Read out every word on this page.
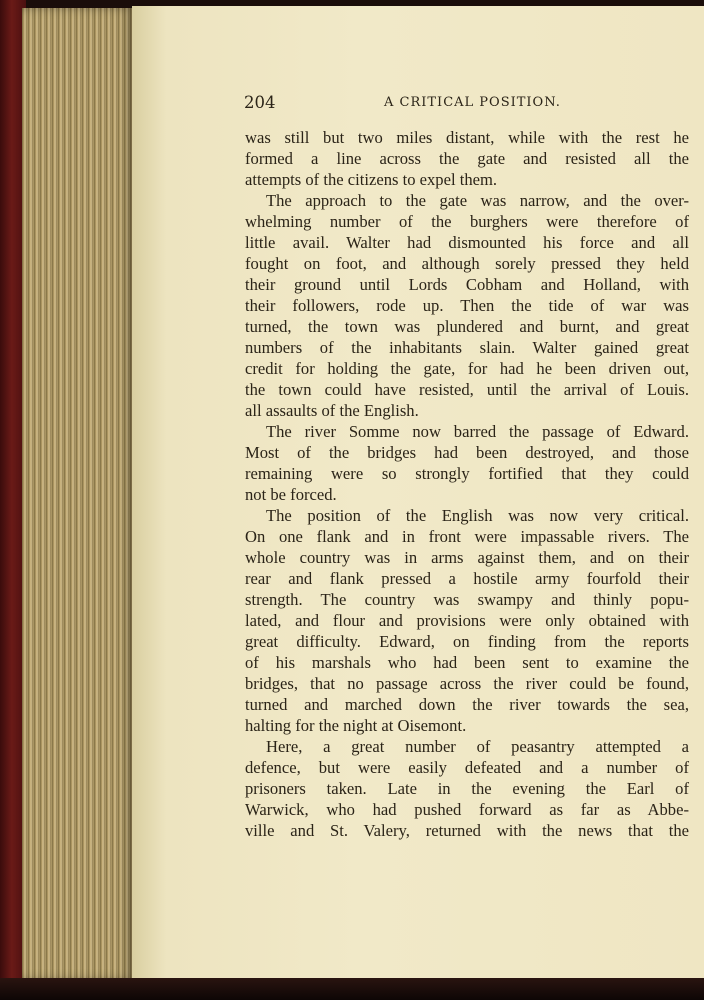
204	A CRITICAL POSITION.

was still but two miles distant, while with the rest he

formed a line across the gate and resisted all the

attempts of the citizens to expel them.

The approach to the gate was narrow, and the over-

whelming number of the burghers were therefore of

little avail. Walter had dismounted his force and all

fought on foot, and although sorely pressed they held

their ground until Lords Cobham and Holland, with

their followers, rode up. Then the tide of war was

turned, the town was plundered and burnt, and great

numbers of the inhabitants slain. Walter gained great

credit for holding the gate, for had he been driven out,

the town could have resisted, until the arrival of Louis.

all assaults of the English.

The river Somme now barred the passage of Edward.

Most of the bridges had been destroyed, and those

remaining were so strongly fortified that they could

not be forced.

The position of the English was now very critical.

On one flank and in front were impassable rivers. The

whole country was in arms against them, and on their

rear and flank pressed a hostile army fourfold their

strength. The country was swampy and thinly popu-

lated, and flour and provisions were only obtained with

great difficulty. Edward, on finding from the reports

of his marshals who had been sent to examine the

bridges, that no passage across the river could be found,

turned and marched down the river towards the sea,

halting for the night at Oisemont.

Here, a great number of peasantry attempted a

defence, but were easily defeated and a number of

prisoners taken. Late in the evening the Earl of

Warwick, who had pushed forward as far as Abbe-

ville and St. Valery, returned with the news that the
